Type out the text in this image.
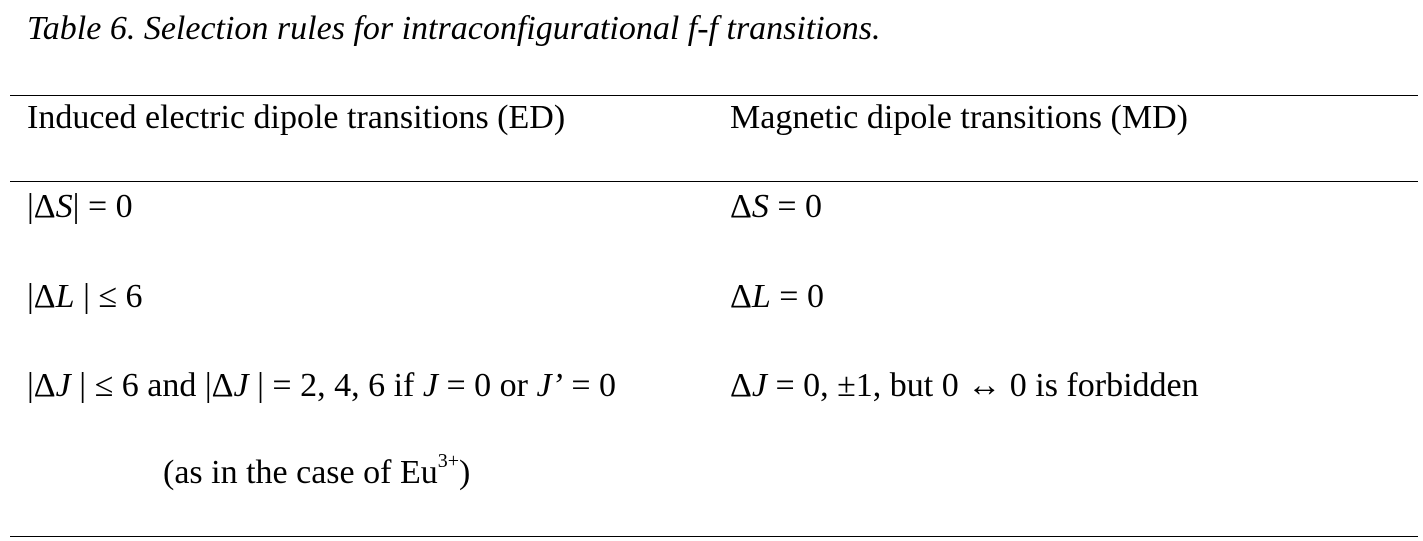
Table 6. Selection rules for intraconfigurational f-f transitions.
Induced electric dipole transitions (ED)	Magnetic dipole transitions (MD)
|ΔS| = 0
|ΔL | ≤ 6
|ΔJ | ≤ 6 and |ΔJ | = 2, 4, 6 if J = 0 or J’ = 0
(as in the case of $Eu^{3+}$)
ΔS = 0
ΔL = 0
ΔJ = 0, ±1, but 0 ↔ 0 is forbidden
